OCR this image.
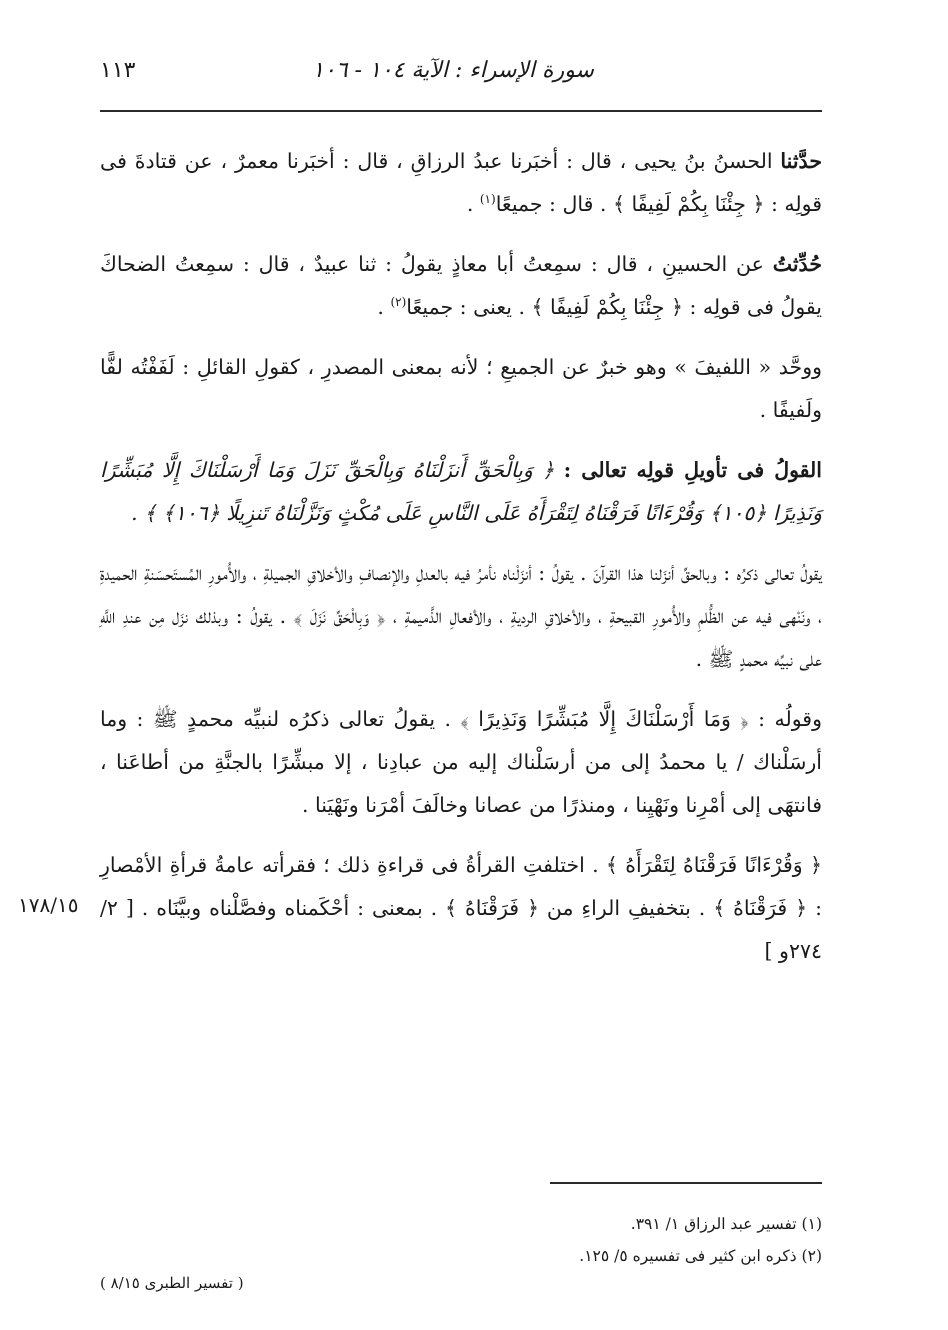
سورة الإسراء : الآية ١٠٤ - ١٠٦
١١٣

حدَّثنا الحسنُ بنُ يحيى ، قال : أخبَرنا عبدُ الرزاقِ ، قال : أخبَرنا معمرٌ ، عن قتادةَ فى قولِه : ﴿ جِئْنَا بِكُمْ لَفِيفًا ﴾ . قال : جميعًا$^{(١)}$ .

حُدِّثتُ عن الحسينِ ، قال : سمِعتُ أبا معاذٍ يقولُ : ثنا عبيدٌ ، قال : سمِعتُ الضحاكَ يقولُ فى قولِه : ﴿ جِئْنَا بِكُمْ لَفِيفًا ﴾ . يعنى : جميعًا$^{(٢)}$ .

ووحَّد « اللفيفَ » وهو خبرٌ عن الجميعِ ؛ لأنه بمعنى المصدرِ ، كقولِ القائلِ : لَفَفْتُه لفًّا ولَفيفًا .

القولُ فى تأويلِ قولِه تعالى : ﴿ وَبِالْحَقِّ أَنزَلْنَاهُ وَبِالْحَقِّ نَزَلَ وَمَا أَرْسَلْنَاكَ إِلَّا مُبَشِّرًا وَنَذِيرًا ﴿١٠٥﴾ وَقُرْءَانًا فَرَقْنَاهُ لِتَقْرَأَهُ عَلَى النَّاسِ عَلَى مُكْثٍ وَنَزَّلْنَاهُ تَنزِيلًا ﴿١٠٦﴾ ﴾ .

يقولُ تعالى ذكرُه : وبالحقِّ أنزَلنا هذا القرآنَ . يقولُ : أنزَلْناه نأمرُ فيه بالعدلِ والإنصافِ والأخلاقِ الجميلةِ ، والأُمورِ المُستَحسَنةِ الحميدةِ ، ونَنْهى فيه عن الظُّلمِ والأُمورِ القبيحةِ ، والأخلاقِ الرديةِ ، والأفعالِ الذَّميمةِ ، ﴿ وَبِالْحَقِّ نَزَلَ ﴾ . يقولُ : وبذلك نزَل مِن عندِ اللَّهِ على نبيِّه محمدٍ ﷺ .

وقولُه : ﴿ وَمَا أَرْسَلْنَاكَ إِلَّا مُبَشِّرًا وَنَذِيرًا ﴾ . يقولُ تعالى ذكرُه لنبيِّه محمدٍ ﷺ : وما أرسَلْناك / يا محمدُ إلى من أرسَلْناك إليه من عبادِنا ، إلا مبشِّرًا بالجنَّةِ من أطاعَنا ، فانتهَى إلى أمْرِنا ونَهْيِنا ، ومنذرًا من عصانا وخالَفَ أمْرَنا ونَهْيَنا .

﴿ وَقُرْءَانًا فَرَقْنَاهُ لِتَقْرَأَهُ ﴾ . اختلفتِ القرأةُ فى قراءةِ ذلك ؛ فقرأته عامةُ قرأةِ الأمْصارِ : ﴿ فَرَقْنَاهُ ﴾ . بتخفيفِ الراءِ من ﴿ فَرَقْنَاهُ ﴾ . بمعنى : أحْكَمناه وفصَّلْناه وبيَّنَاه . [ ٢/ ٢٧٤و ]

١٧٨/١٥

(١) تفسير عبد الرزاق ١/ ٣٩١.

(٢) ذكره ابن كثير فى تفسيره ٥/ ١٢٥.

( تفسير الطبرى ٨/١٥ )
